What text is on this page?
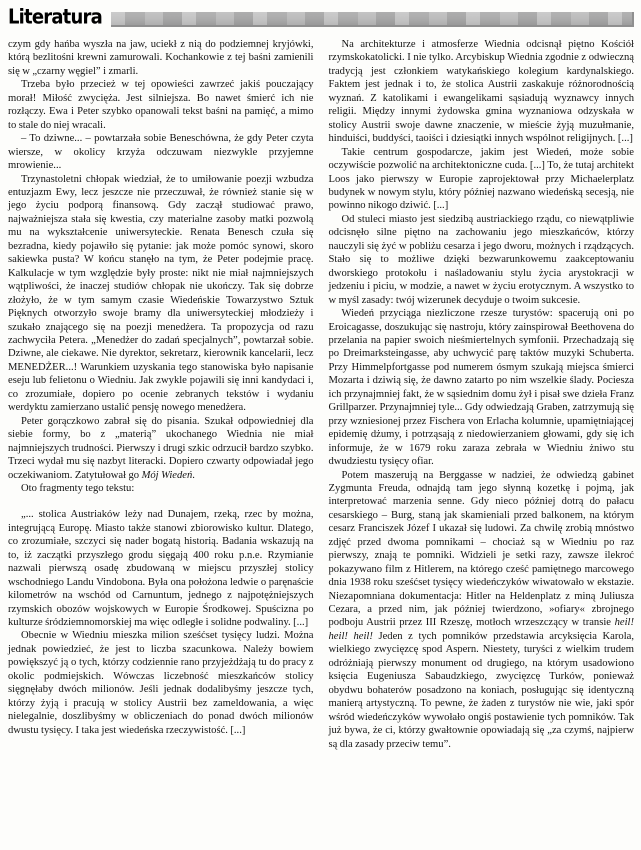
Literatura

czym gdy hańba wyszła na jaw, uciekł z nią do podziemnej kryjówki, którą bezlitośni krewni zamurowali. Kochankowie z tej baśni zamienili się w „czarny węgiel” i zmarli.

Trzeba było przecież w tej opowieści zawrzeć jakiś pouczający morał! Miłość zwycięża. Jest silniejsza. Bo nawet śmierć ich nie rozłączy. Ewa i Peter szybko opanowali tekst baśni na pamięć, a mimo to stale do niej wracali.

– To dziwne... – powtarzała sobie Beneschówna, że gdy Peter czyta wiersze, w okolicy krzyża odczuwam niezwykle przyjemne mrowienie...

Trzynastoletni chłopak wiedział, że to umiłowanie poezji wzbudza entuzjazm Ewy, lecz jeszcze nie przeczuwał, że również stanie się w jego życiu podporą finansową. Gdy zaczął studiować prawo, najważniejsza stała się kwestia, czy materialne zasoby matki pozwolą mu na wykształcenie uniwersyteckie. Renata Benesch czuła się bezradna, kiedy pojawiło się pytanie: jak może pomóc synowi, skoro sakiewka pusta? W końcu stanęło na tym, że Peter podejmie pracę. Kalkulacje w tym względzie były proste: nikt nie miał najmniejszych wątpliwości, że inaczej studiów chłopak nie ukończy. Tak się dobrze złożyło, że w tym samym czasie Wiedeńskie Towarzystwo Sztuk Pięknych otworzyło swoje bramy dla uniwersyteckiej młodzieży i szukało znającego się na poezji menedżera. Ta propozycja od razu zachwyciła Petera. „Menedżer do zadań specjalnych”, powtarzał sobie. Dziwne, ale ciekawe. Nie dyrektor, sekretarz, kierownik kancelarii, lecz MENEDŻER...! Warunkiem uzyskania tego stanowiska było napisanie eseju lub felietonu o Wiedniu. Jak zwykle pojawili się inni kandydaci i, co zrozumiałe, dopiero po ocenie zebranych tekstów i wydaniu werdyktu zamierzano ustalić pensję nowego menedżera.

Peter gorączkowo zabrał się do pisania. Szukał odpowiedniej dla siebie formy, bo z „materią” ukochanego Wiednia nie miał najmniejszych trudności. Pierwszy i drugi szkic odrzucił bardzo szybko. Trzeci wydał mu się nazbyt literacki. Dopiero czwarty odpowiadał jego oczekiwaniom. Zatytułował go Mój Wiedeń.

Oto fragmenty tego tekstu:

„... stolica Austriaków leży nad Dunajem, rzeką, rzec by można, integrującą Europę. Miasto także stanowi zbiorowisko kultur. Dlatego, co zrozumiałe, szczyci się nader bogatą historią. Badania wskazują na to, iż zaczątki przyszłego grodu sięgają 400 roku p.n.e. Rzymianie nazwali pierwszą osadę zbudowaną w miejscu przyszłej stolicy wschodniego Landu Vindobona. Była ona położona ledwie o paręnaście kilometrów na wschód od Carnuntum, jednego z najpotężniejszych rzymskich obozów wojskowych w Europie Środkowej. Spuścizna po kulturze śródziemnomorskiej ma więc odległe i solidne podwaliny. [...]

Obecnie w Wiedniu mieszka milion sześćset tysięcy ludzi. Można jednak powiedzieć, że jest to liczba szacunkowa. Należy bowiem powiększyć ją o tych, którzy codziennie rano przyjeżdżają tu do pracy z okolic podmiejskich. Wówczas liczebność mieszkańców stolicy sięgnęłaby dwóch milionów. Jeśli jednak dodalibyśmy jeszcze tych, którzy żyją i pracują w stolicy Austrii bez zameldowania, a więc nielegalnie, doszlibyśmy w obliczeniach do ponad dwóch milionów dwustu tysięcy. I taka jest wiedeńska rzeczywistość. [...]

Na architekturze i atmosferze Wiednia odcisnął piętno Kościół rzymskokatolicki. I nie tylko. Arcybiskup Wiednia zgodnie z odwieczną tradycją jest członkiem watykańskiego kolegium kardynalskiego. Faktem jest jednak i to, że stolica Austrii zaskakuje różnorodnością wyznań. Z katolikami i ewangelikami sąsiadują wyznawcy innych religii. Między innymi żydowska gmina wyznaniowa odzyskała w stolicy Austrii swoje dawne znaczenie, w mieście żyją muzułmanie, hinduiści, buddyści, taoiści i dziesiątki innych wspólnot religijnych. [...]

Takie centrum gospodarcze, jakim jest Wiedeń, może sobie oczywiście pozwolić na architektoniczne cuda. [...] To, że tutaj architekt Loos jako pierwszy w Europie zaprojektował przy Michaelerplatz budynek w nowym stylu, który później nazwano wiedeńską secesją, nie powinno nikogo dziwić. [...]

Od stuleci miasto jest siedzibą austriackiego rządu, co niewątpliwie odcisnęło silne piętno na zachowaniu jego mieszkańców, którzy nauczyli się żyć w pobliżu cesarza i jego dworu, możnych i rządzących. Stało się to możliwe dzięki bezwarunkowemu zaakceptowaniu dworskiego protokołu i naśladowaniu stylu życia arystokracji w jedzeniu i piciu, w modzie, a nawet w życiu erotycznym. A wszystko to w myśl zasady: twój wizerunek decyduje o twoim sukcesie.

Wiedeń przyciąga niezliczone rzesze turystów: spacerują oni po Eroicagasse, doszukując się nastroju, który zainspirował Beethovena do przelania na papier swoich nieśmiertelnych symfonii. Przechadzają się po Dreimarksteingasse, aby uchwycić parę taktów muzyki Schuberta. Przy Himmelpfortgasse pod numerem ósmym szukają miejsca śmierci Mozarta i dziwią się, że dawno zatarto po nim wszelkie ślady. Pociesza ich przynajmniej fakt, że w sąsiednim domu żył i pisał swe dzieła Franz Grillparzer. Przynajmniej tyle... Gdy odwiedzają Graben, zatrzymują się przy wzniesionej przez Fischera von Erlacha kolumnie, upamiętniającej epidemię dżumy, i potrząsają z niedowierzaniem głowami, gdy się ich informuje, że w 1679 roku zaraza zebrała w Wiedniu żniwo stu dwudziestu tysięcy ofiar.

Potem maszerują na Berggasse w nadziei, że odwiedzą gabinet Zygmunta Freuda, odnajdą tam jego słynną kozetkę i pojmą, jak interpretować marzenia senne. Gdy nieco później dotrą do pałacu cesarskiego – Burg, staną jak skamieniali przed balkonem, na którym cesarz Franciszek Józef I ukazał się ludowi. Za chwilę zrobią mnóstwo zdjęć przed dwoma pomnikami – chociaż są w Wiedniu po raz pierwszy, znają te pomniki. Widzieli je setki razy, zawsze ilekroć pokazywano film z Hitlerem, na którego cześć pamiętnego marcowego dnia 1938 roku sześćset tysięcy wiedeńczyków wiwatowało w ekstazie. Niezapomniana dokumentacja: Hitler na Heldenplatz z miną Juliusza Cezara, a przed nim, jak później twierdzono, »ofiary« zbrojnego podboju Austrii przez III Rzeszę, motłoch wrzeszczący w transie heil! heil! heil! Jeden z tych pomników przedstawia arcyksięcia Karola, wielkiego zwycięzcę spod Aspern. Niestety, turyści z wielkim trudem odróżniają pierwszy monument od drugiego, na którym usadowiono księcia Eugeniusza Sabaudzkiego, zwycięzcę Turków, ponieważ obydwu bohaterów posadzono na koniach, posługując się identyczną manierą artystyczną. To pewne, że żaden z turystów nie wie, jaki spór wśród wiedeńczyków wywołało ongiś postawienie tych pomników. Tak już bywa, że ci, którzy gwałtownie opowiadają się „za czymś, najpierw są dla zasady przeciw temu”.
